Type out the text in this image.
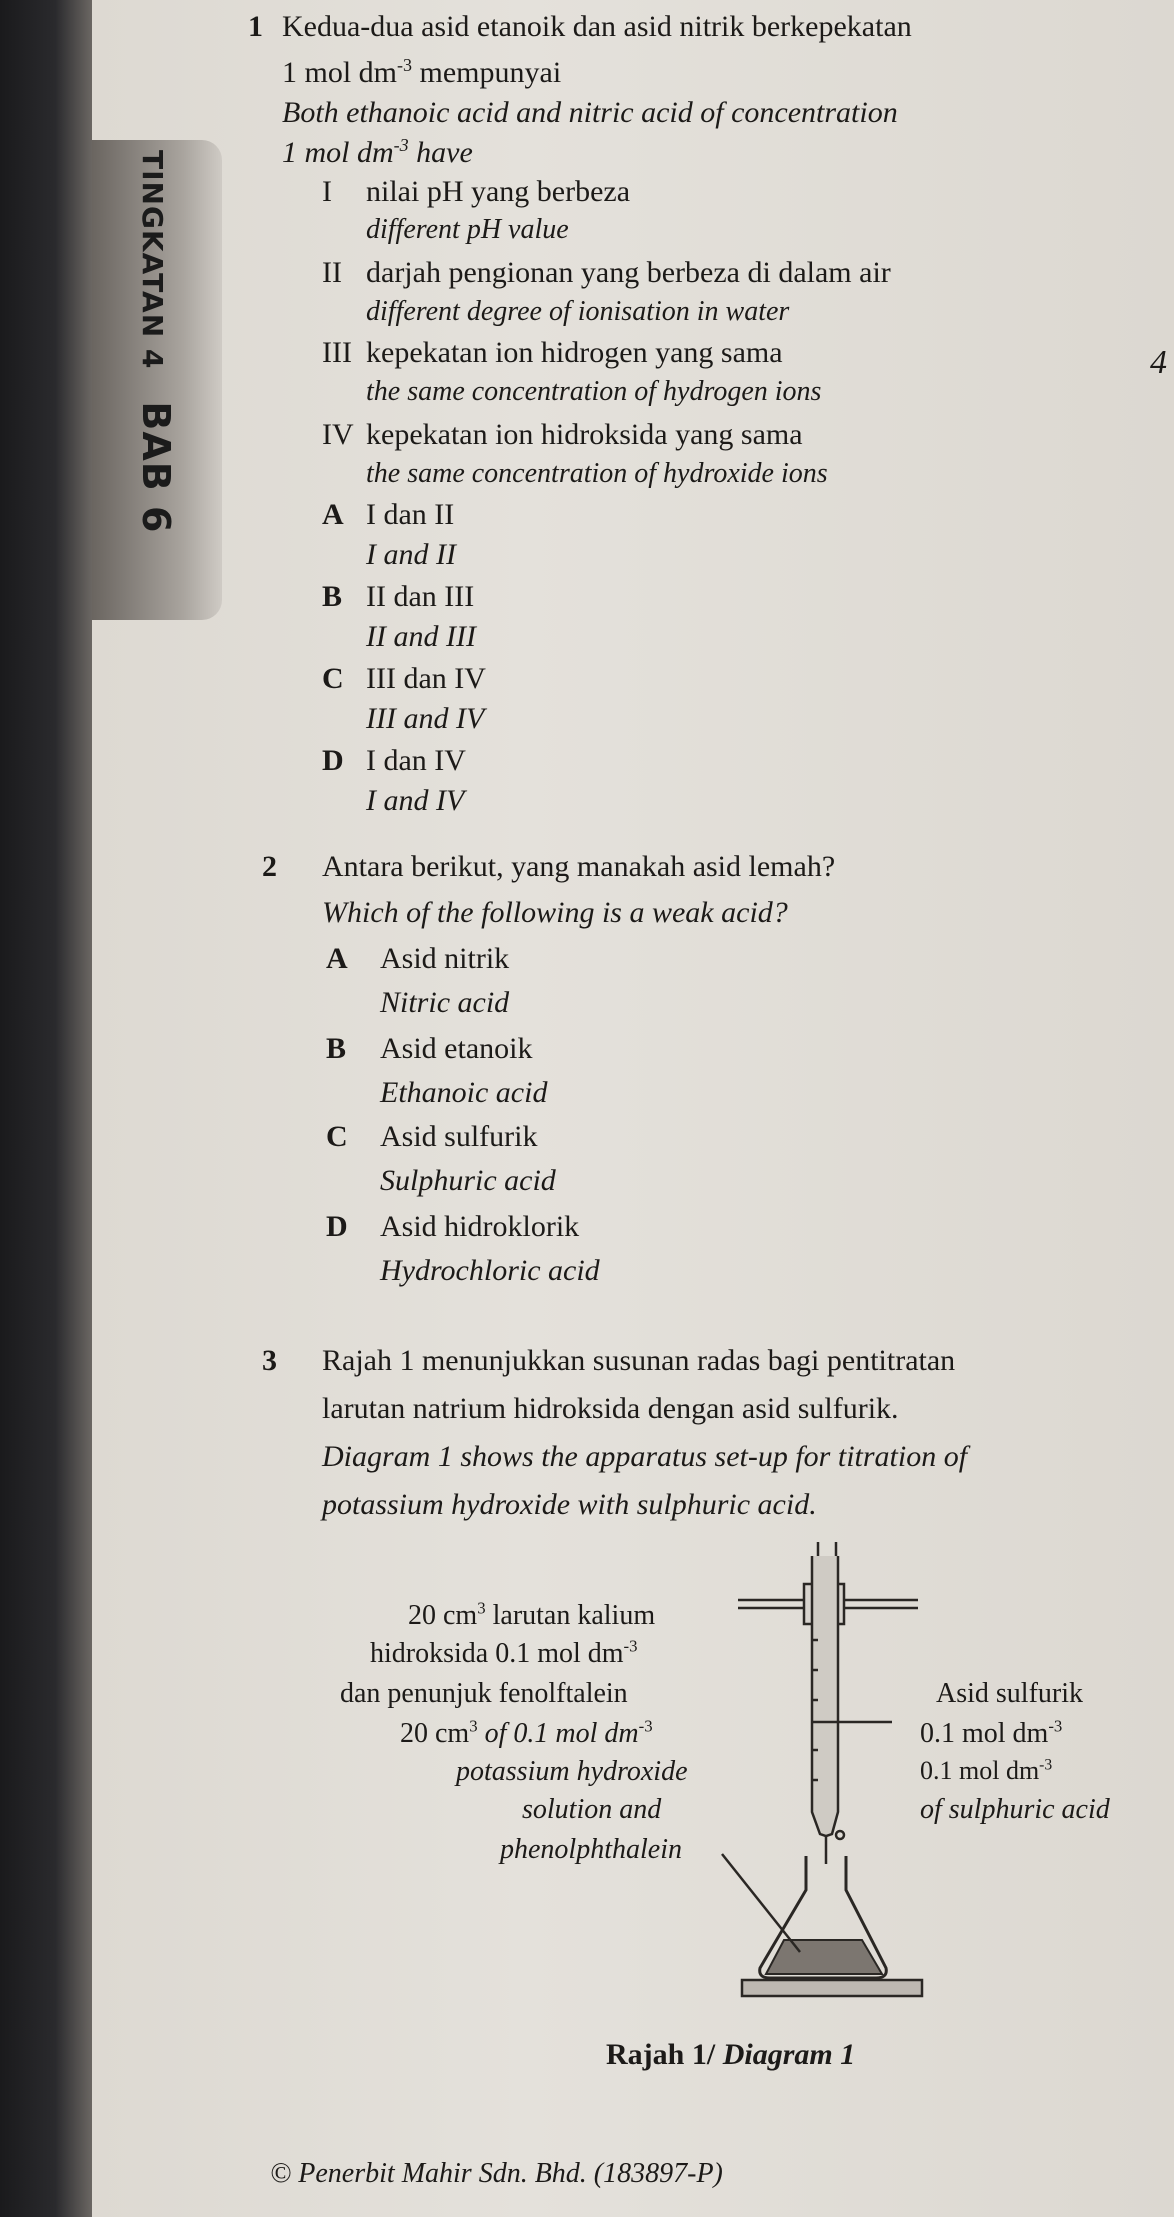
TINGKATAN 4BAB 6
4
1 Kedua-dua asid etanoik dan asid nitrik berkepekatan
1 mol $dm^{-3}$ mempunyai
Both ethanoic acid and nitric acid of concentration
1 mol $dm^{-3}$ have
I nilai pH yang berbeza
different pH value
II darjah pengionan yang berbeza di dalam air
different degree of ionisation in water
III kepekatan ion hidrogen yang sama
the same concentration of hydrogen ions
IV kepekatan ion hidroksida yang sama
the same concentration of hydroxide ions
A I dan II
I and II
B II dan III
II and III
C III dan IV
III and IV
D I dan IV
I and IV
2 Antara berikut, yang manakah asid lemah?
Which of the following is a weak acid?
A Asid nitrik
Nitric acid
B Asid etanoik
Ethanoic acid
C Asid sulfurik
Sulphuric acid
D Asid hidroklorik
Hydrochloric acid
3 Rajah 1 menunjukkan susunan radas bagi pentitratan
larutan natrium hidroksida dengan asid sulfurik.
Diagram 1 shows the apparatus set-up for titration of
potassium hydroxide with sulphuric acid.
20 $cm^3$ larutan kalium
hidroksida 0.1 mol $dm^{-3}$
dan penunjuk fenolftalein
20 $cm^3$ of 0.1 mol $dm^{-3}$
potassium hydroxide
solution and
phenolphthalein
Asid sulfurik
0.1 mol $dm^{-3}$
0.1 mol $dm^{-3}$
of sulphuric acid
Rajah 1/ Diagram 1
© Penerbit Mahir Sdn. Bhd. (183897-P)
